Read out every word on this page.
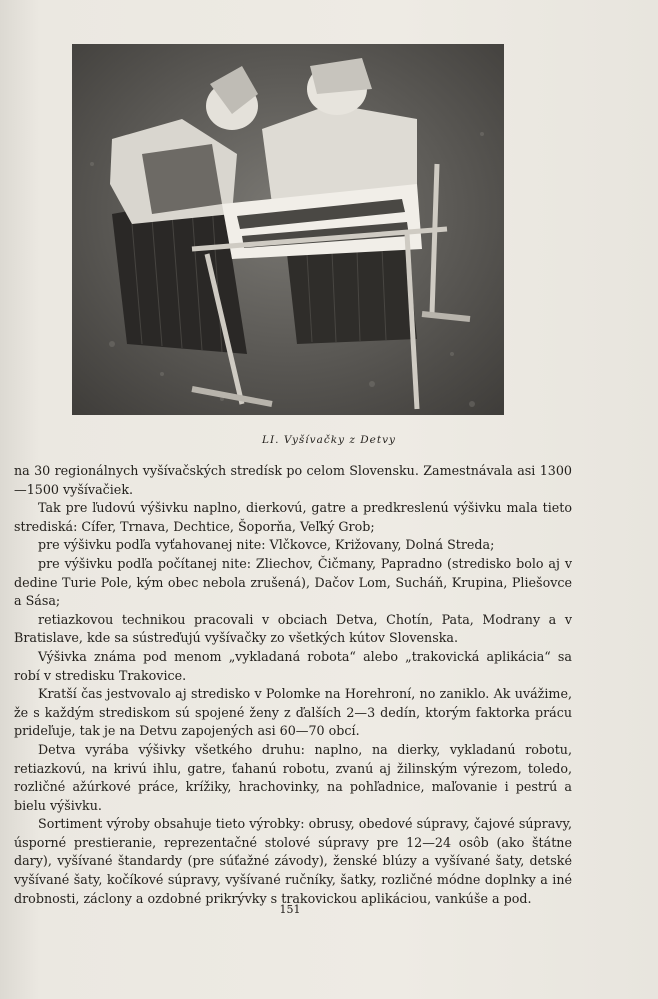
LI. Vyšívačky z Detvy

na 30 regionálnych vyšívačských stredísk po celom Slovensku. Zamestnávala asi 1300—1500 vyšívačiek.

Tak pre ľudovú výšivku naplno, dierkovú, gatre a predkreslenú výšivku mala tieto strediská: Cífer, Trnava, Dechtice, Šoporňa, Veľký Grob;

pre výšivku podľa vyťahovanej nite: Vlčkovce, Križovany, Dolná Streda;

pre výšivku podľa počítanej nite: Zliechov, Čičmany, Papradno (stredisko bolo aj v dedine Turie Pole, kým obec nebola zrušená), Dačov Lom, Sucháň, Krupina, Pliešovce a Sása;

retiazkovou technikou pracovali v obciach Detva, Chotín, Pata, Modrany a v Bratislave, kde sa sústreďujú vyšívačky zo všetkých kútov Slovenska.

Výšivka známa pod menom „vykladaná robota“ alebo „trakovická aplikácia“ sa robí v stredisku Trakovice.

Kratší čas jestvovalo aj stredisko v Polomke na Horehroní, no zaniklo. Ak uvážime, že s každým strediskom sú spojené ženy z ďalších 2—3 dedín, ktorým faktorka prácu prideľuje, tak je na Detvu zapojených asi 60—70 obcí.

Detva vyrába výšivky všetkého druhu: naplno, na dierky, vykladanú robotu, retiazkovú, na krivú ihlu, gatre, ťahanú robotu, zvanú aj žilinským výrezom, toledo, rozličné ažúrkové práce, krížiky, hrachovinky, na pohľadnice, maľovanie i pestrú a bielu výšivku.

Sortiment výroby obsahuje tieto výrobky: obrusy, obedové súpravy, čajové súpravy, úsporné prestieranie, reprezentačné stolové súpravy pre 12—24 osôb (ako štátne dary), vyšívané štandardy (pre súťažné závody), ženské blúzy a vyšívané šaty, detské vyšívané šaty, kočíkové súpravy, vyšívané ručníky, šatky, rozličné módne doplnky a iné drobnosti, záclony a ozdobné prikrývky s trakovickou aplikáciou, vankúše a pod.

151
